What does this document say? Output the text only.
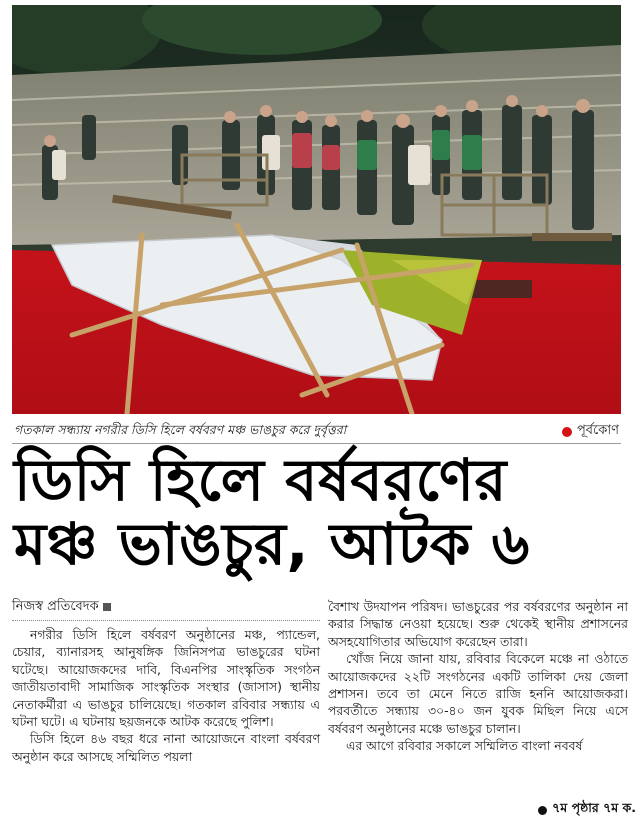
গতকাল সন্ধ্যায় নগরীর ডিসি হিলে বর্ষবরণ মঞ্চ ভাঙচুর করে দুর্বৃত্তরা	পূর্বকোণ
ডিসি হিলে বর্ষবরণের
মঞ্চ ভাঙচুর, আটক ৬
নিজস্ব প্রতিবেদক

নগরীর ডিসি হিলে বর্ষবরণ অনুষ্ঠানের মঞ্চ, প্যান্ডেল, চেয়ার, ব্যানারসহ আনুষঙ্গিক জিনিসপত্র ভাঙচুরের ঘটনা ঘটেছে। আয়োজকদের দাবি, বিএনপির সাংস্কৃতিক সংগঠন জাতীয়তাবাদী সামাজিক সাংস্কৃতিক সংস্থার (জাসাস) স্থানীয় নেতাকর্মীরা এ ভাঙচুর চালিয়েছে। গতকাল রবিবার সন্ধ্যায় এ ঘটনা ঘটে। এ ঘটনায় ছয়জনকে আটক করেছে পুলিশ।

ডিসি হিলে ৪৬ বছর ধরে নানা আয়োজনে বাংলা বর্ষবরণ অনুষ্ঠান করে আসছে সম্মিলিত পয়লা

বৈশাখ উদযাপন পরিষদ। ভাঙচুরের পর বর্ষবরণের অনুষ্ঠান না করার সিদ্ধান্ত নেওয়া হয়েছে। শুরু থেকেই স্থানীয় প্রশাসনের অসহযোগিতার অভিযোগ করেছেন তারা।

খোঁজ নিয়ে জানা যায়, রবিবার বিকেলে মঞ্চে না ওঠাতে আয়োজকদের ২২টি সংগঠনের একটি তালিকা দেয় জেলা প্রশাসন। তবে তা মেনে নিতে রাজি হননি আয়োজকরা। পরবর্তীতে সন্ধ্যায় ৩০-৪০ জন যুবক মিছিল নিয়ে এসে বর্ষবরণ অনুষ্ঠানের মঞ্চে ভাঙচুর চালান।

এর আগে রবিবার সকালে সম্মিলিত বাংলা নববর্ষ

৭ম পৃষ্ঠার ৭ম ক.
